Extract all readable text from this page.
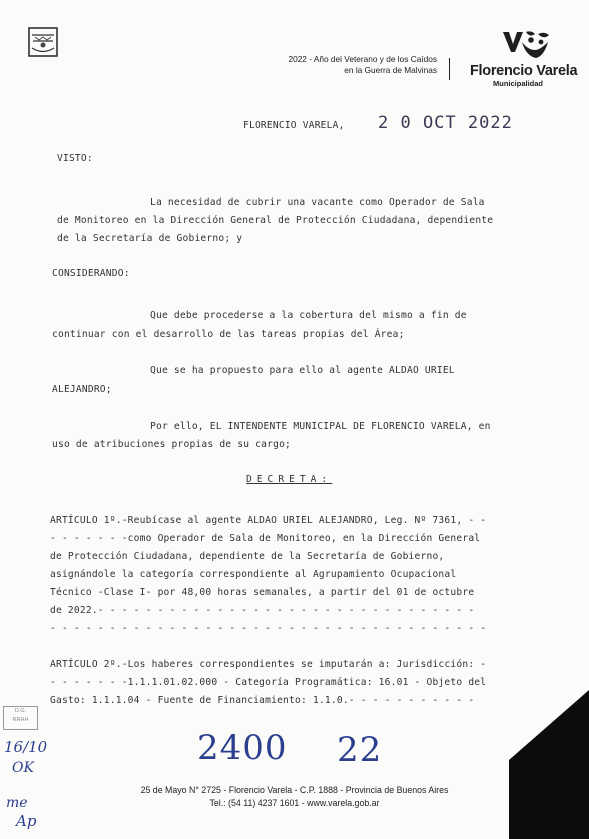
2022 - Año del Veterano y de los Caídos
en la Guerra de Malvinas Florencio Varela
Municipalidad
FLORENCIO VARELA, 2 0 OCT 2022
VISTO:
La necesidad de cubrir una vacante como Operador de Sala
de Monitoreo en la Dirección General de Protección Ciudadana, dependiente
de la Secretaría de Gobierno; y
CONSIDERANDO:
Que debe procederse a la cobertura del mismo a fin de
continuar con el desarrollo de las tareas propias del Área;
Que se ha propuesto para ello al agente ALDAO URIEL
ALEJANDRO;
Por ello, EL INTENDENTE MUNICIPAL DE FLORENCIO VARELA, en
uso de atribuciones propias de su cargo;
DECRETA:
ARTÍCULO 1º.-Reubícase al agente ALDAO URIEL ALEJANDRO, Leg. Nº 7361, - -
- - - - - - -como Operador de Sala de Monitoreo, en la Dirección General
de Protección Ciudadana, dependiente de la Secretaría de Gobierno,
asignándole la categoría correspondiente al Agrupamiento Ocupacional
Técnico -Clase I- por 48,00 horas semanales, a partir del 01 de octubre
de 2022.- - - - - - - - - - - - - - - - - - - - - - - - - - - - - - - -
- - - - - - - - - - - - - - - - - - - - - - - - - - - - - - - - - - - - -
ARTÍCULO 2º.-Los haberes correspondientes se imputarán a: Jurisdicción: -
- - - - - - -1.1.1.01.02.000 - Categoría Programática: 16.01 - Objeto del
Gasto: 1.1.1.04 - Fuente de Financiamiento: 1.1.0.- - - - - - - - - - -
2400 22
D.G.
RRHH
16/10
OK
me
Ap
25 de Mayo N° 2725 - Florencio Varela - C.P. 1888 - Provincia de Buenos Aires
Tel.: (54 11) 4237 1601 - www.varela.gob.ar
